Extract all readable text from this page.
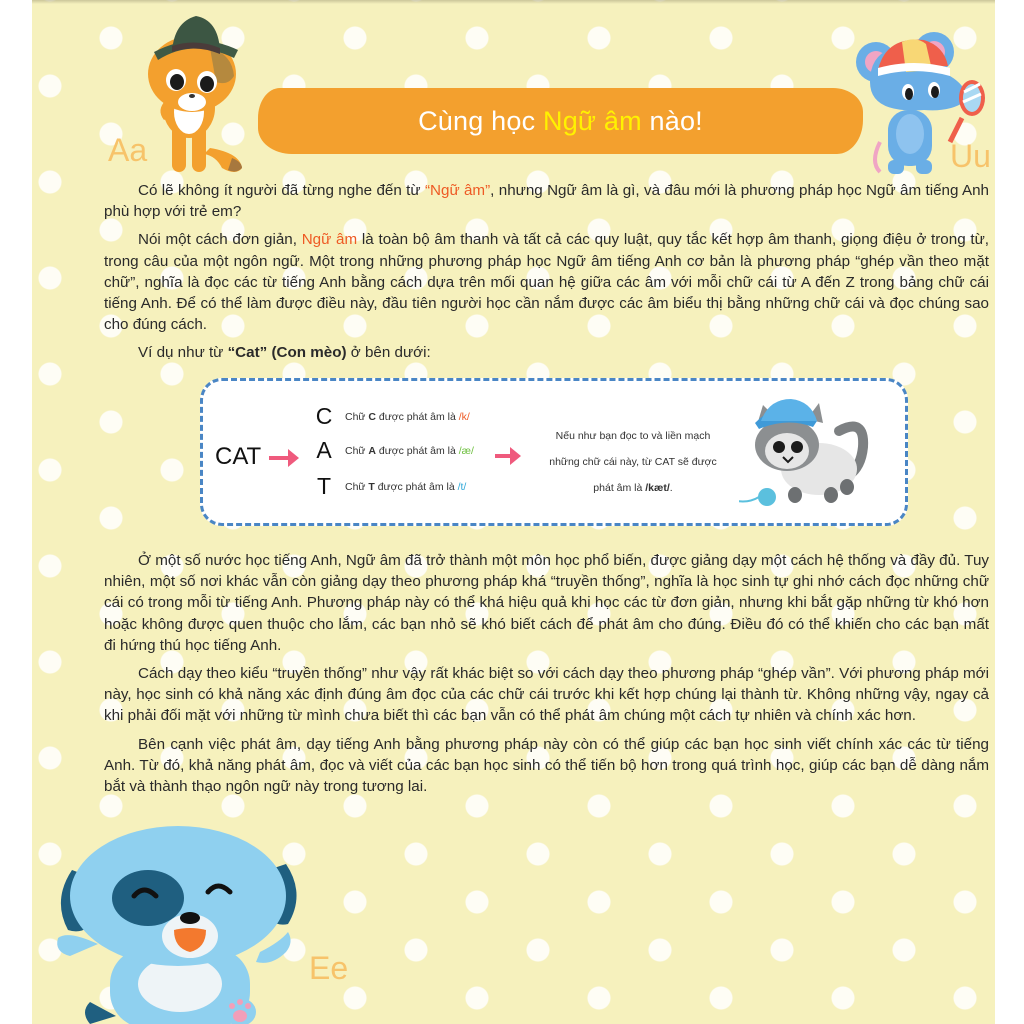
Aa	Uu
Cùng học Ngữ âm nào!

Có lẽ không ít người đã từng nghe đến từ “Ngữ âm”, nhưng Ngữ âm là gì, và đâu mới là phương pháp học Ngữ âm tiếng Anh phù hợp với trẻ em?

Nói một cách đơn giản, Ngữ âm là toàn bộ âm thanh và tất cả các quy luật, quy tắc kết hợp âm thanh, giọng điệu ở trong từ, trong câu của một ngôn ngữ. Một trong những phương pháp học Ngữ âm tiếng Anh cơ bản là phương pháp “ghép vần theo mặt chữ”, nghĩa là đọc các từ tiếng Anh bằng cách dựa trên mối quan hệ giữa các âm với mỗi chữ cái từ A đến Z trong bảng chữ cái tiếng Anh. Để có thể làm được điều này, đầu tiên người học cần nắm được các âm biểu thị bằng những chữ cái và đọc chúng sao cho đúng cách.

Ví dụ như từ “Cat” (Con mèo) ở bên dưới:

CAT
C	Chữ C được phát âm là /k/
A	Chữ A được phát âm là /æ/
T	Chữ T được phát âm là /t/
Nếu như bạn đọc to và liền mạch
những chữ cái này, từ CAT sẽ được
phát âm là /kæt/.

Ở một số nước học tiếng Anh, Ngữ âm đã trở thành một môn học phổ biến, được giảng dạy một cách hệ thống và đầy đủ. Tuy nhiên, một số nơi khác vẫn còn giảng dạy theo phương pháp khá “truyền thống”, nghĩa là học sinh tự ghi nhớ cách đọc những chữ cái có trong mỗi từ tiếng Anh. Phương pháp này có thể khá hiệu quả khi học các từ đơn giản, nhưng khi bắt gặp những từ khó hơn hoặc không được quen thuộc cho lắm, các bạn nhỏ sẽ khó biết cách để phát âm cho đúng. Điều đó có thể khiến cho các bạn mất đi hứng thú học tiếng Anh.

Cách dạy theo kiểu “truyền thống” như vậy rất khác biệt so với cách dạy theo phương pháp “ghép vần”. Với phương pháp mới này, học sinh có khả năng xác định đúng âm đọc của các chữ cái trước khi kết hợp chúng lại thành từ. Không những vậy, ngay cả khi phải đối mặt với những từ mình chưa biết thì các bạn vẫn có thể phát âm chúng một cách tự nhiên và chính xác hơn.

Bên cạnh việc phát âm, dạy tiếng Anh bằng phương pháp này còn có thể giúp các bạn học sinh viết chính xác các từ tiếng Anh. Từ đó, khả năng phát âm, đọc và viết của các bạn học sinh có thể tiến bộ hơn trong quá trình học, giúp các bạn dễ dàng nắm bắt và thành thạo ngôn ngữ này trong tương lai.

Ee
